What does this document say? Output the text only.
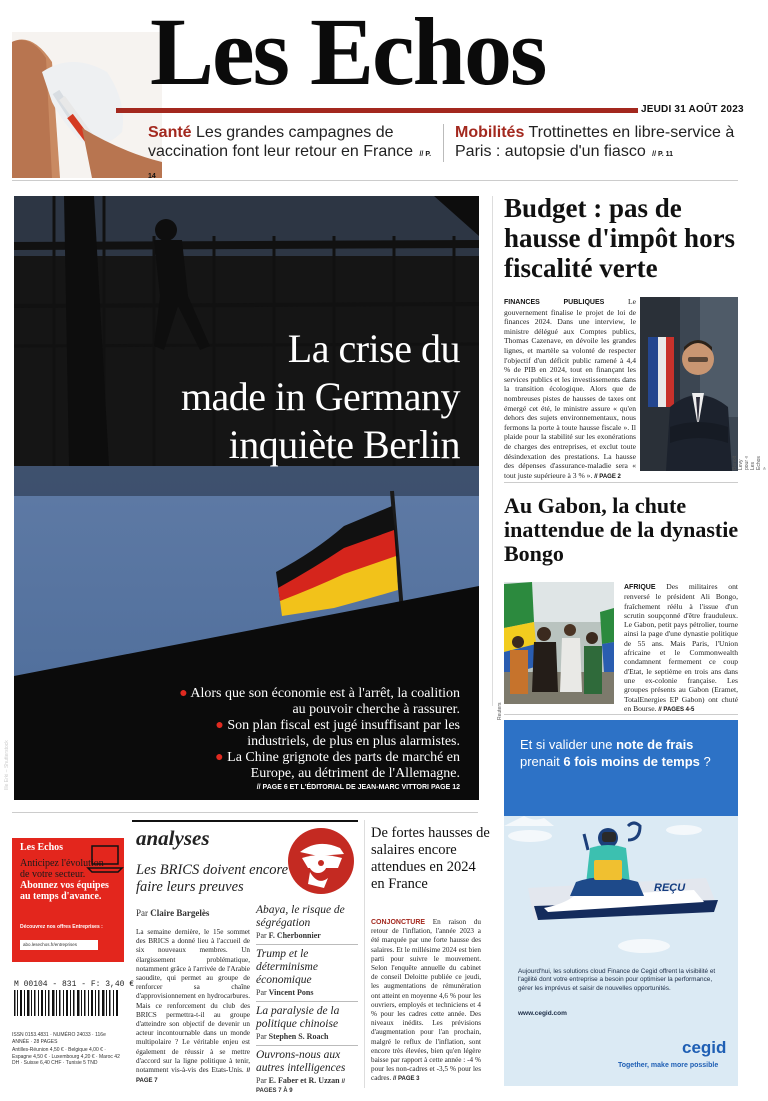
Les Echos
JEUDI 31 AOÛT 2023
Santé Les grandes campagnes de vaccination font leur retour en France // P. 14
Mobilités Trottinettes en libre-service à Paris : autopsie d'un fiasco // P. 11
La crise du
made in Germany
inquiète Berlin
● Alors que son économie est à l'arrêt, la coalition au pouvoir cherche à rassurer.
● Son plan fiscal est jugé insuffisant par les industriels, de plus en plus alarmistes.
● La Chine grignote des parts de marché en Europe, au détriment de l'Allemagne.
// PAGE 6 ET L'ÉDITORIAL DE JEAN-MARC VITTORI PAGE 12
Ille Erki – Shutterstock
Budget : pas de hausse d'impôt hors fiscalité verte
FINANCES PUBLIQUES	Le gouvernement finalise le projet de loi de finances 2024. Dans une interview, le ministre délégué aux Comptes publics, Thomas Cazenave, en dévoile les grandes lignes, et martèle sa volonté de respecter l'objectif d'un déficit public ramené à 4,4 % de PIB en 2024, tout en finançant les services publics et les investissements dans la transition écologique. Alors que de nombreuses pistes de hausses de taxes ont émergé cet été, le ministre assure « qu'en dehors des sujets environnementaux, nous fermons la porte à toute hausse fiscale ». Il plaide pour la stabilité sur les exonérations de charges des entreprises, et exclut toute désindexation des prestations. La hausse des dépenses d'assurance-maladie sera « tout juste supérieure à 3 % ». // PAGE 2
Benoit Levy pour « Les Echos »
Au Gabon, la chute inattendue de la dynastie Bongo
Reuters
AFRIQUE Des militaires ont renversé le président Ali Bongo, fraîchement réélu à l'issue d'un scrutin soupçonné d'être frauduleux. Le Gabon, petit pays pétrolier, tourne ainsi la page d'une dynastie politique de 55 ans. Mais Paris, l'Union africaine et le Commonwealth condamnent fermement ce coup d'Etat, le septième en trois ans dans une ex-colonie française. Les groupes présents au Gabon (Eramet, TotalEnergies EP Gabon) ont chuté en Bourse. // PAGES 4-5
Et si valider une note de frais prenait 6 fois moins de temps ?
REÇU
Aujourd'hui, les solutions cloud Finance de Cegid offrent la visibilité et l'agilité dont votre entreprise a besoin pour optimiser la performance, gérer les imprévus et saisir de nouvelles opportunités.
www.cegid.com
cegid
Together, make more possible
Les Echos
Anticipez l'évolution de votre secteur.
Abonnez vos équipes au temps d'avance.
Découvrez nos offres Entreprises :
abo.lesechos.fr/entreprises
M 00104 - 831 - F: 3,40 €
ISSN 0153.4831 · NUMÉRO 24033 · 116e ANNÉE · 28 PAGES
Antilles-Réunion 4,50 € · Belgique 4,00 € · Espagne 4,50 € · Luxembourg 4,20 € · Maroc 42 DH · Suisse 6,40 CHF · Tunisie 5 TND
analyses
Les BRICS doivent encore faire leurs preuves
Par Claire Bargelès
La semaine dernière, le 15e sommet des BRICS a donné lieu à l'accueil de six nouveaux membres. Un élargissement problématique, notamment grâce à l'arrivée de l'Arabie saoudite, qui permet au groupe de renforcer sa chaîne d'approvisionnement en hydrocarbures. Mais ce renforcement du club des BRICS permettra-t-il au groupe d'atteindre son objectif de devenir un acteur incontournable dans un monde multipolaire ? Le véritable enjeu est également de réussir à se mettre d'accord sur la ligne politique à tenir, notamment vis-à-vis des Etats-Unis. // PAGE 7
Abaya, le risque de ségrégation
Par F. Cherbonnier
Trump et le déterminisme économique
Par Vincent Pons
La paralysie de la politique chinoise
Par Stephen S. Roach
Ouvrons-nous aux autres intelligences
Par E. Faber et R. Uzzan // PAGES 7 À 9
De fortes hausses de salaires encore attendues en 2024 en France
CONJONCTURE En raison du retour de l'inflation, l'année 2023 a été marquée par une forte hausse des salaires. Et le millésime 2024 est bien parti pour suivre le mouvement. Selon l'enquête annuelle du cabinet de conseil Deloitte publiée ce jeudi, les augmentations de rémunération ont atteint en moyenne 4,6 % pour les ouvriers, employés et techniciens et 4 % pour les cadres cette année. Des niveaux inédits. Les prévisions d'augmentation pour l'an prochain, malgré le reflux de l'inflation, sont encore très élevées, bien qu'en légère baisse par rapport à cette année : -4 % pour les non-cadres et -3,5 % pour les cadres. // PAGE 3
